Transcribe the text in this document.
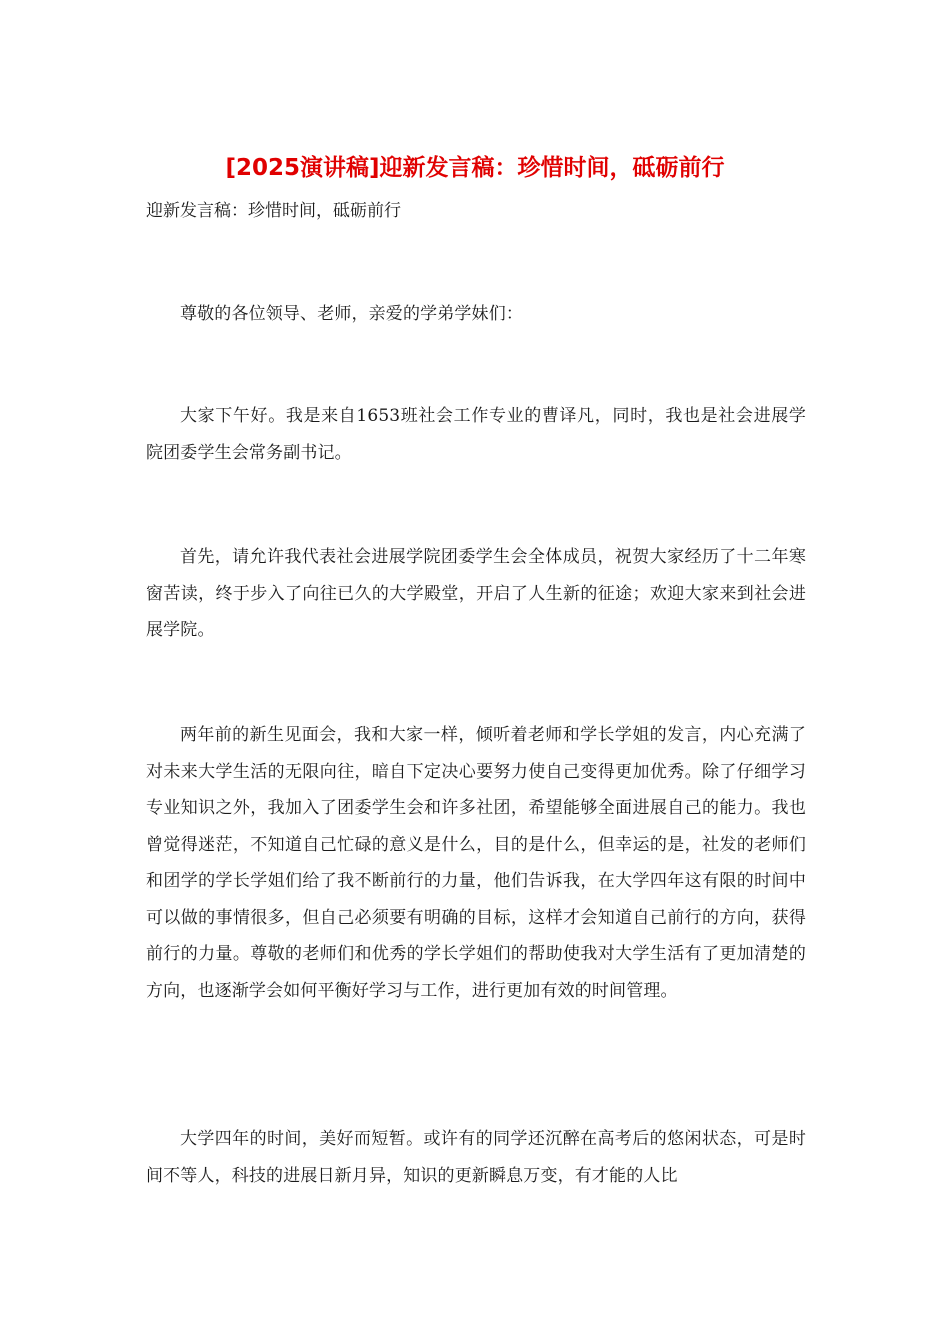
[2025演讲稿]迎新发言稿：珍惜时间，砥砺前行
迎新发言稿：珍惜时间，砥砺前行

尊敬的各位领导、老师，亲爱的学弟学妹们：

大家下午好。我是来自1653班社会工作专业的曹译凡，同时，我也是社会进展学院团委学生会常务副书记。

首先，请允许我代表社会进展学院团委学生会全体成员，祝贺大家经历了十二年寒窗苦读，终于步入了向往已久的大学殿堂，开启了人生新的征途；欢迎大家来到社会进展学院。

两年前的新生见面会，我和大家一样，倾听着老师和学长学姐的发言，内心充满了对未来大学生活的无限向往，暗自下定决心要努力使自己变得更加优秀。除了仔细学习专业知识之外，我加入了团委学生会和许多社团，希望能够全面进展自己的能力。我也曾觉得迷茫，不知道自己忙碌的意义是什么，目的是什么，但幸运的是，社发的老师们和团学的学长学姐们给了我不断前行的力量，他们告诉我，在大学四年这有限的时间中可以做的事情很多，但自己必须要有明确的目标，这样才会知道自己前行的方向，获得前行的力量。尊敬的老师们和优秀的学长学姐们的帮助使我对大学生活有了更加清楚的方向，也逐渐学会如何平衡好学习与工作，进行更加有效的时间管理。

大学四年的时间，美好而短暂。或许有的同学还沉醉在高考后的悠闲状态，可是时间不等人，科技的进展日新月异，知识的更新瞬息万变，有才能的人比
